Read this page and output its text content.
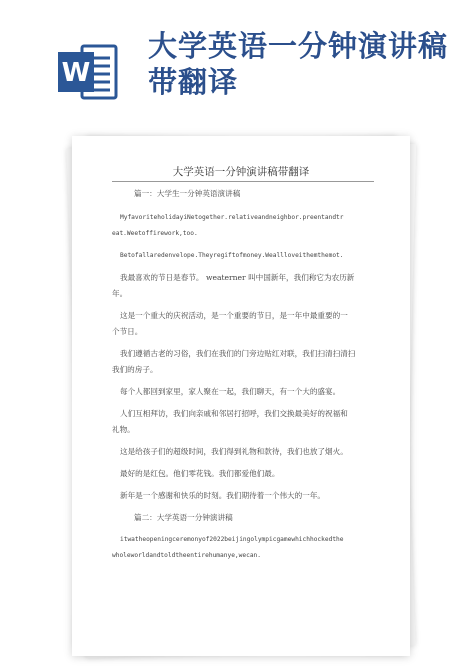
W
大学英语一分钟演讲稿带翻译
大学英语一分钟演讲稿带翻译
篇一：大学生一分钟英语演讲稿
MyfavoriteholidayiNetogether.relativeandneighbor.preentandtr
eat.Weetoffirework,too.
Betofallaredenvelope.Theyregiftofmoney.Weallloveithemthemot.
我最喜欢的节日是春节。 weaterner 叫中国新年，我们称它为农历新
年。
这是一个重大的庆祝活动，是一个重要的节日，是一年中最重要的一
个节日。
我们遵循古老的习俗，我们在我们的门旁边贴红对联，我们扫清扫清扫
我们的房子。
每个人都回到家里，家人聚在一起，我们聊天，有一个大的盛宴。
人们互相拜访，我们向亲戚和邻居打招呼，我们交换最美好的祝福和
礼物。
这是给孩子们的超级时间，我们得到礼物和款待，我们也放了烟火。
最好的是红包。他们零花钱。我们都爱他们最。
新年是一个感谢和快乐的时刻。我们期待着一个伟大的一年。
篇二：大学英语一分钟演讲稿
itwatheopeningceremonyof2022beijingolympicgamewhichhockedthe
wholeworldandtoldtheentirehumanye,wecan.
